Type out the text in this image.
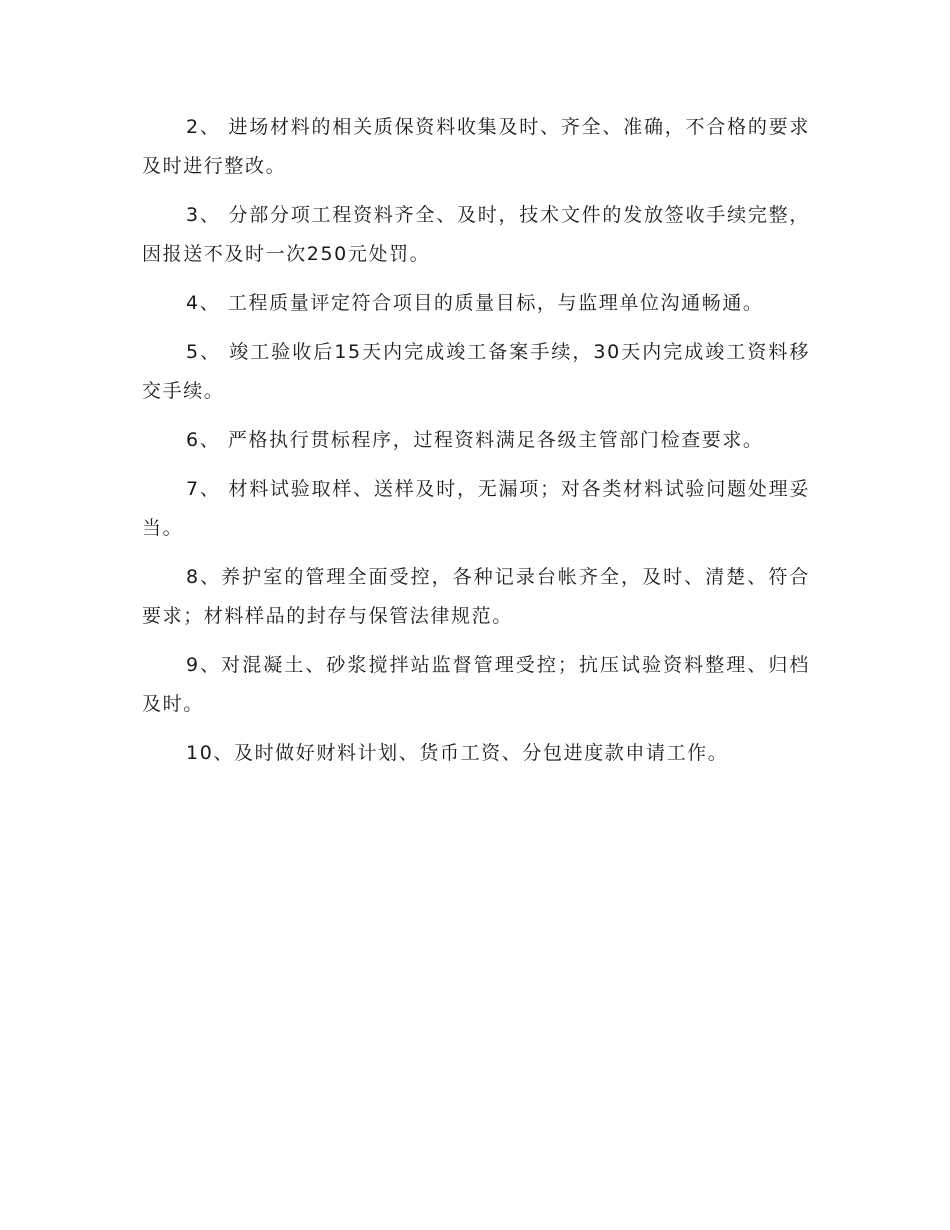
2、 进场材料的相关质保资料收集及时、齐全、准确，不合格的要求及时进行整改。

3、 分部分项工程资料齐全、及时，技术文件的发放签收手续完整，因报送不及时一次250元处罚。

4、 工程质量评定符合项目的质量目标，与监理单位沟通畅通。

5、 竣工验收后15天内完成竣工备案手续，30天内完成竣工资料移交手续。

6、 严格执行贯标程序，过程资料满足各级主管部门检查要求。

7、 材料试验取样、送样及时，无漏项；对各类材料试验问题处理妥当。

8、养护室的管理全面受控，各种记录台帐齐全，及时、清楚、符合要求；材料样品的封存与保管法律规范。

9、对混凝土、砂浆搅拌站监督管理受控；抗压试验资料整理、归档及时。

10、及时做好财料计划、货币工资、分包进度款申请工作。
